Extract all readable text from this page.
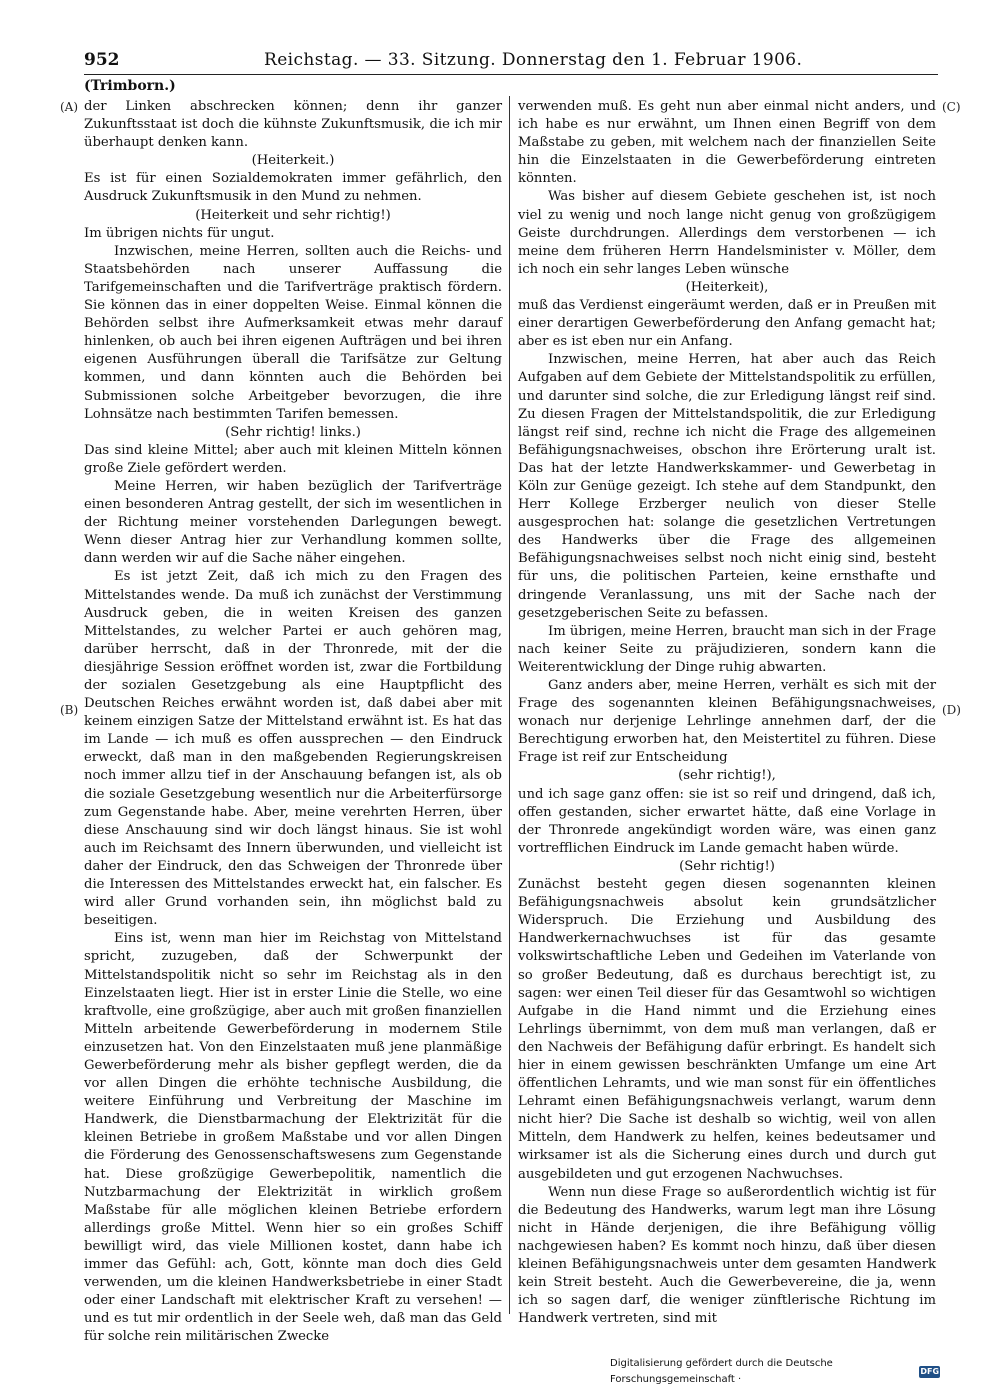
952	Reichstag. — 33. Sitzung. Donnerstag den 1. Februar 1906.
(Trimborn.)
(A)
(B)
(C)
(D)

der Linken abschrecken können; denn ihr ganzer Zukunftsstaat ist doch die kühnste Zukunftsmusik, die ich mir überhaupt denken kann.

(Heiterkeit.)

Es ist für einen Sozialdemokraten immer gefährlich, den Ausdruck Zukunftsmusik in den Mund zu nehmen.

(Heiterkeit und sehr richtig!)

Im übrigen nichts für ungut.

Inzwischen, meine Herren, sollten auch die Reichs- und Staatsbehörden nach unserer Auffassung die Tarifgemeinschaften und die Tarifverträge praktisch fördern. Sie können das in einer doppelten Weise. Einmal können die Behörden selbst ihre Aufmerksamkeit etwas mehr darauf hinlenken, ob auch bei ihren eigenen Aufträgen und bei ihren eigenen Ausführungen überall die Tarifsätze zur Geltung kommen, und dann könnten auch die Behörden bei Submissionen solche Arbeitgeber bevorzugen, die ihre Lohnsätze nach bestimmten Tarifen bemessen.

(Sehr richtig! links.)

Das sind kleine Mittel; aber auch mit kleinen Mitteln können große Ziele gefördert werden.

Meine Herren, wir haben bezüglich der Tarifverträge einen besonderen Antrag gestellt, der sich im wesentlichen in der Richtung meiner vorstehenden Darlegungen bewegt. Wenn dieser Antrag hier zur Verhandlung kommen sollte, dann werden wir auf die Sache näher eingehen.

Es ist jetzt Zeit, daß ich mich zu den Fragen des Mittelstandes wende. Da muß ich zunächst der Verstimmung Ausdruck geben, die in weiten Kreisen des ganzen Mittelstandes, zu welcher Partei er auch gehören mag, darüber herrscht, daß in der Thronrede, mit der die diesjährige Session eröffnet worden ist, zwar die Fortbildung der sozialen Gesetzgebung als eine Hauptpflicht des Deutschen Reiches erwähnt worden ist, daß dabei aber mit keinem einzigen Satze der Mittelstand erwähnt ist. Es hat das im Lande — ich muß es offen aussprechen — den Eindruck erweckt, daß man in den maßgebenden Regierungskreisen noch immer allzu tief in der Anschauung befangen ist, als ob die soziale Gesetzgebung wesentlich nur die Arbeiterfürsorge zum Gegenstande habe. Aber, meine verehrten Herren, über diese Anschauung sind wir doch längst hinaus. Sie ist wohl auch im Reichsamt des Innern überwunden, und vielleicht ist daher der Eindruck, den das Schweigen der Thronrede über die Interessen des Mittelstandes erweckt hat, ein falscher. Es wird aller Grund vorhanden sein, ihn möglichst bald zu beseitigen.

Eins ist, wenn man hier im Reichstag von Mittelstand spricht, zuzugeben, daß der Schwerpunkt der Mittelstandspolitik nicht so sehr im Reichstag als in den Einzelstaaten liegt. Hier ist in erster Linie die Stelle, wo eine kraftvolle, eine großzügige, aber auch mit großen finanziellen Mitteln arbeitende Gewerbeförderung in modernem Stile einzusetzen hat. Von den Einzelstaaten muß jene planmäßige Gewerbeförderung mehr als bisher gepflegt werden, die da vor allen Dingen die erhöhte technische Ausbildung, die weitere Einführung und Verbreitung der Maschine im Handwerk, die Dienstbarmachung der Elektrizität für die kleinen Betriebe in großem Maßstabe und vor allen Dingen die Förderung des Genossenschaftswesens zum Gegenstande hat. Diese großzügige Gewerbepolitik, namentlich die Nutzbarmachung der Elektrizität in wirklich großem Maßstabe für alle möglichen kleinen Betriebe erfordern allerdings große Mittel. Wenn hier so ein großes Schiff bewilligt wird, das viele Millionen kostet, dann habe ich immer das Gefühl: ach, Gott, könnte man doch dies Geld verwenden, um die kleinen Handwerksbetriebe in einer Stadt oder einer Landschaft mit elektrischer Kraft zu versehen! — und es tut mir ordentlich in der Seele weh, daß man das Geld für solche rein militärischen Zwecke

verwenden muß. Es geht nun aber einmal nicht anders, und ich habe es nur erwähnt, um Ihnen einen Begriff von dem Maßstabe zu geben, mit welchem nach der finanziellen Seite hin die Einzelstaaten in die Gewerbeförderung eintreten könnten.

Was bisher auf diesem Gebiete geschehen ist, ist noch viel zu wenig und noch lange nicht genug von großzügigem Geiste durchdrungen. Allerdings dem verstorbenen — ich meine dem früheren Herrn Handelsminister v. Möller, dem ich noch ein sehr langes Leben wünsche

(Heiterkeit),

muß das Verdienst eingeräumt werden, daß er in Preußen mit einer derartigen Gewerbeförderung den Anfang gemacht hat; aber es ist eben nur ein Anfang.

Inzwischen, meine Herren, hat aber auch das Reich Aufgaben auf dem Gebiete der Mittelstandspolitik zu erfüllen, und darunter sind solche, die zur Erledigung längst reif sind. Zu diesen Fragen der Mittelstandspolitik, die zur Erledigung längst reif sind, rechne ich nicht die Frage des allgemeinen Befähigungsnachweises, obschon ihre Erörterung uralt ist. Das hat der letzte Handwerkskammer- und Gewerbetag in Köln zur Genüge gezeigt. Ich stehe auf dem Standpunkt, den Herr Kollege Erzberger neulich von dieser Stelle ausgesprochen hat: solange die gesetzlichen Vertretungen des Handwerks über die Frage des allgemeinen Befähigungsnachweises selbst noch nicht einig sind, besteht für uns, die politischen Parteien, keine ernsthafte und dringende Veranlassung, uns mit der Sache nach der gesetzgeberischen Seite zu befassen.

Im übrigen, meine Herren, braucht man sich in der Frage nach keiner Seite zu präjudizieren, sondern kann die Weiterentwicklung der Dinge ruhig abwarten.

Ganz anders aber, meine Herren, verhält es sich mit der Frage des sogenannten kleinen Befähigungsnachweises, wonach nur derjenige Lehrlinge annehmen darf, der die Berechtigung erworben hat, den Meistertitel zu führen. Diese Frage ist reif zur Entscheidung

(sehr richtig!),

und ich sage ganz offen: sie ist so reif und dringend, daß ich, offen gestanden, sicher erwartet hätte, daß eine Vorlage in der Thronrede angekündigt worden wäre, was einen ganz vortrefflichen Eindruck im Lande gemacht haben würde.

(Sehr richtig!)

Zunächst besteht gegen diesen sogenannten kleinen Befähigungsnachweis absolut kein grundsätzlicher Widerspruch. Die Erziehung und Ausbildung des Handwerkernachwuchses ist für das gesamte volkswirtschaftliche Leben und Gedeihen im Vaterlande von so großer Bedeutung, daß es durchaus berechtigt ist, zu sagen: wer einen Teil dieser für das Gesamtwohl so wichtigen Aufgabe in die Hand nimmt und die Erziehung eines Lehrlings übernimmt, von dem muß man verlangen, daß er den Nachweis der Befähigung dafür erbringt. Es handelt sich hier in einem gewissen beschränkten Umfange um eine Art öffentlichen Lehramts, und wie man sonst für ein öffentliches Lehramt einen Befähigungsnachweis verlangt, warum denn nicht hier? Die Sache ist deshalb so wichtig, weil von allen Mitteln, dem Handwerk zu helfen, keines bedeutsamer und wirksamer ist als die Sicherung eines durch und durch gut ausgebildeten und gut erzogenen Nachwuchses.

Wenn nun diese Frage so außerordentlich wichtig ist für die Bedeutung des Handwerks, warum legt man ihre Lösung nicht in Hände derjenigen, die ihre Befähigung völlig nachgewiesen haben? Es kommt noch hinzu, daß über diesen kleinen Befähigungsnachweis unter dem gesamten Handwerk kein Streit besteht. Auch die Gewerbevereine, die ja, wenn ich so sagen darf, die weniger zünftlerische Richtung im Handwerk vertreten, sind mit

Digitalisierung gefördert durch die Deutsche Forschungsgemeinschaft ·
DFG
